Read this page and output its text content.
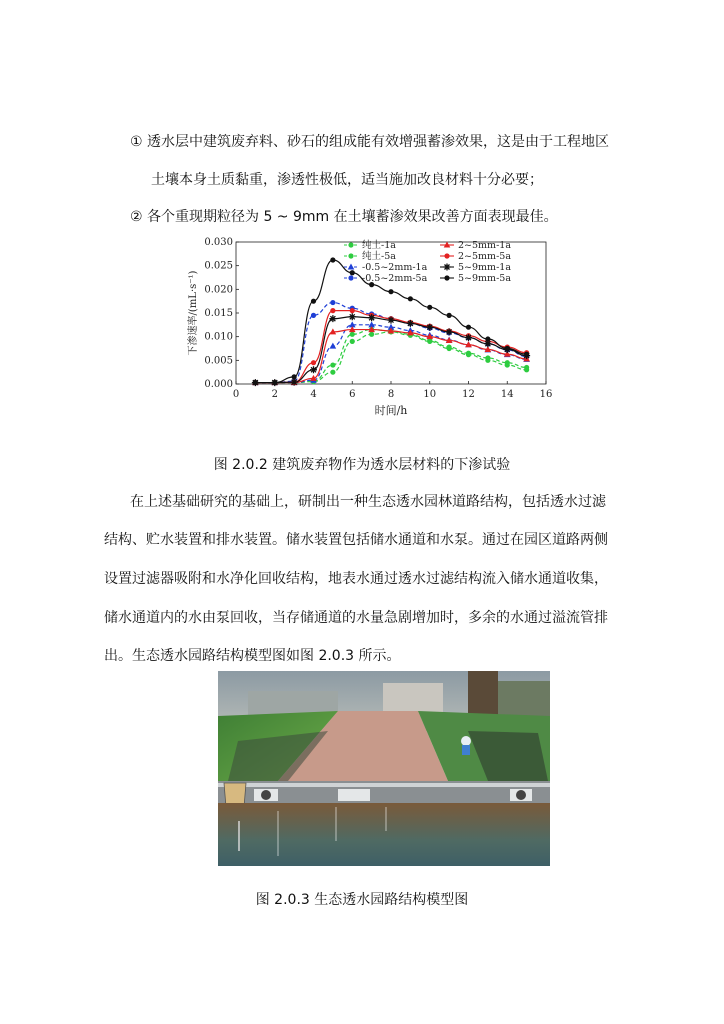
① 透水层中建筑废弃料、砂石的组成能有效增强蓄渗效果，这是由于工程地区
土壤本身土质黏重，渗透性极低，适当施加改良材料十分必要；
② 各个重现期粒径为 5 ~ 9mm 在土壤蓄渗效果改善方面表现最佳。
0	2	4	6	8	10	12	14	16
0.000
0.005
0.010
0.015
0.020
0.025
0.030
时间/h
下渗速率/(mL·s⁻¹)
纯土-1a
纯土-5a
-0.5~2mm-1a
-0.5~2mm-5a
2~5mm-1a
2~5mm-5a
5~9mm-1a
5~9mm-5a
图 2.0.2 建筑废弃物作为透水层材料的下渗试验
在上述基础研究的基础上，研制出一种生态透水园林道路结构，包括透水过滤
结构、贮水装置和排水装置。储水装置包括储水通道和水泵。通过在园区道路两侧
设置过滤器吸附和水净化回收结构，地表水通过透水过滤结构流入储水通道收集，
储水通道内的水由泵回收，当存储通道的水量急剧增加时，多余的水通过溢流管排
出。生态透水园路结构模型图如图 2.0.3 所示。
图 2.0.3 生态透水园路结构模型图
